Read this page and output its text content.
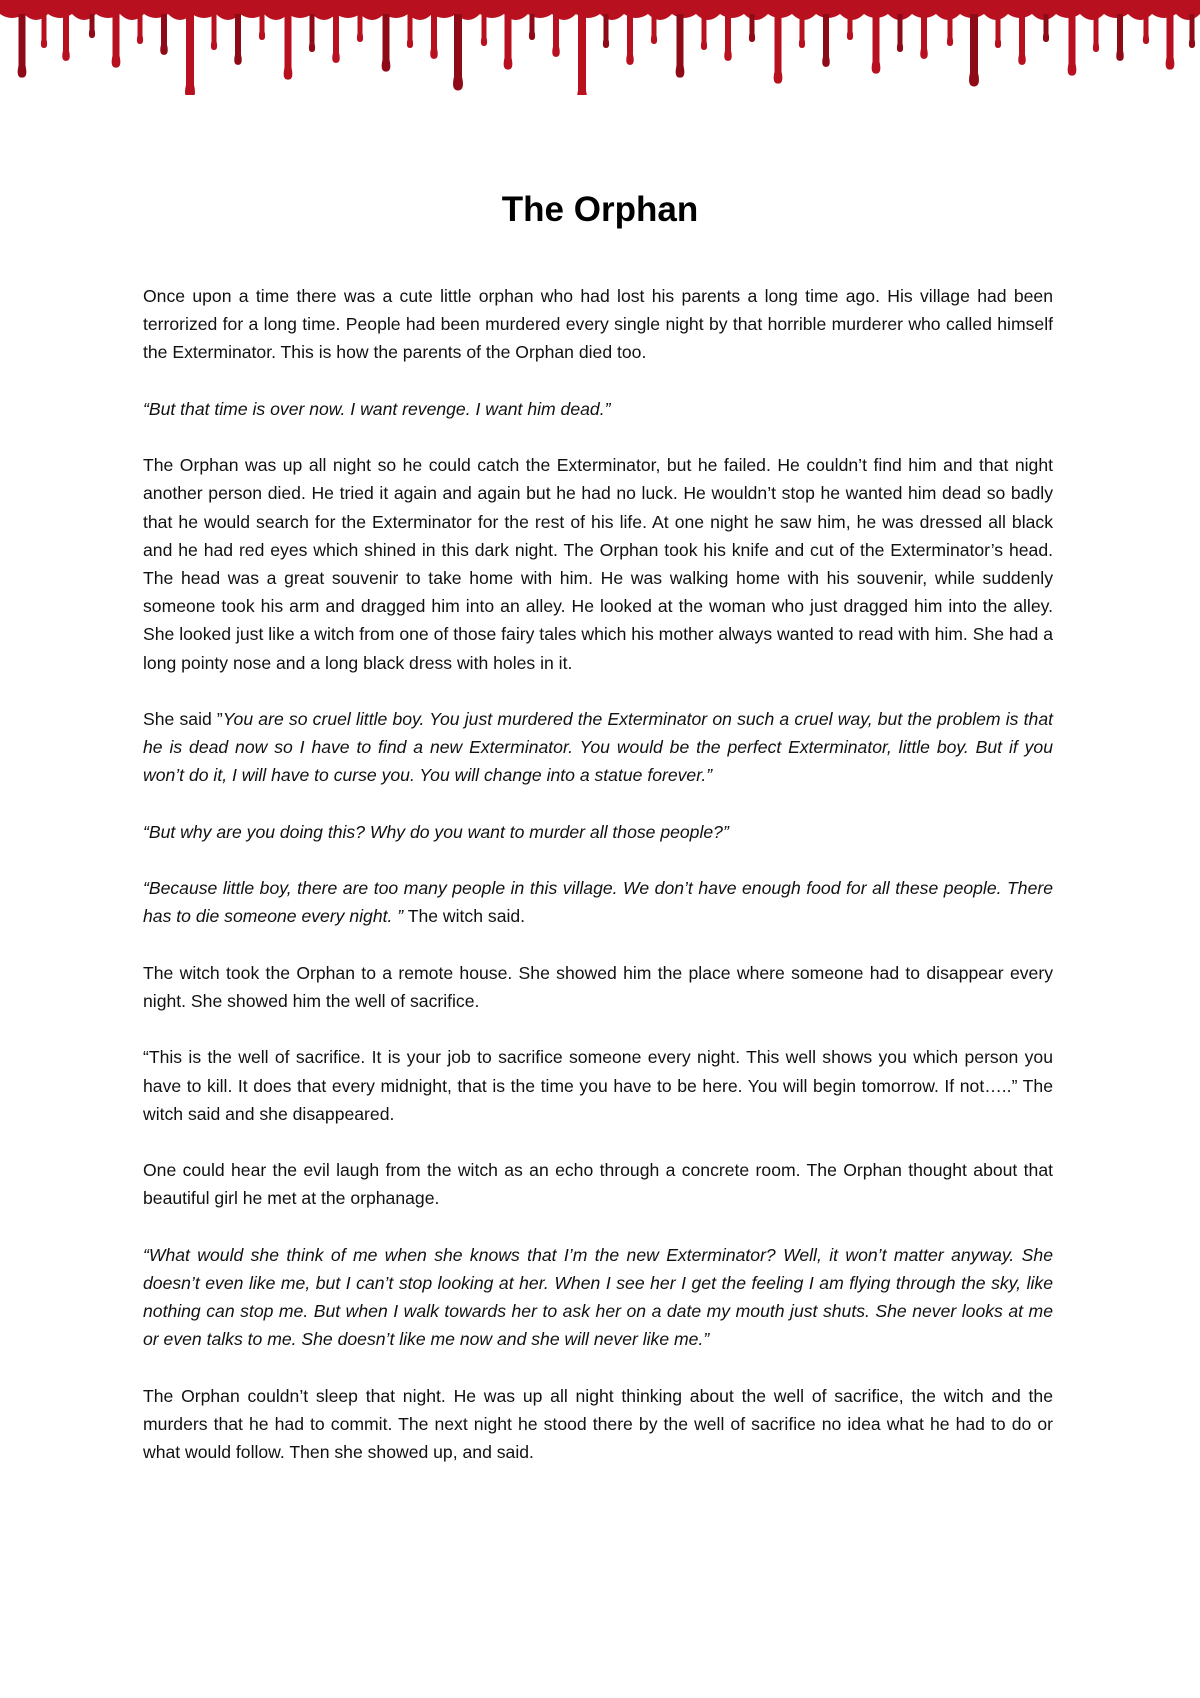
The Orphan

Once upon a time there was a cute little orphan who had lost his parents a long time ago. His village had been terrorized for a long time. People had been murdered every single night by that horrible murderer who called himself the Exterminator. This is how the parents of the Orphan died too.

“But that time is over now. I want revenge. I want him dead.”

The Orphan was up all night so he could catch the Exterminator, but he failed. He couldn’t find him and that night another person died. He tried it again and again but he had no luck. He wouldn’t stop he wanted him dead so badly that he would search for the Exterminator for the rest of his life. At one night he saw him, he was dressed all black and he had red eyes which shined in this dark night. The Orphan took his knife and cut of the Exterminator’s head. The head was a great souvenir to take home with him. He was walking home with his souvenir, while suddenly someone took his arm and dragged him into an alley. He looked at the woman who just dragged him into the alley. She looked just like a witch from one of those fairy tales which his mother always wanted to read with him. She had a long pointy nose and a long black dress with holes in it.

She said ”You are so cruel little boy. You just murdered the Exterminator on such a cruel way, but the problem is that he is dead now so I have to find a new Exterminator. You would be the perfect Exterminator, little boy. But if you won’t do it, I will have to curse you. You will change into a statue forever.”

“But why are you doing this? Why do you want to murder all those people?”

“Because little boy, there are too many people in this village. We don’t have enough food for all these people. There has to die someone every night. ” The witch said.

The witch took the Orphan to a remote house. She showed him the place where someone had to disappear every night. She showed him the well of sacrifice.

“This is the well of sacrifice. It is your job to sacrifice someone every night. This well shows you which person you have to kill. It does that every midnight, that is the time you have to be here. You will begin tomorrow. If not…..” The witch said and she disappeared.

One could hear the evil laugh from the witch as an echo through a concrete room. The Orphan thought about that beautiful girl he met at the orphanage.

“What would she think of me when she knows that I’m the new Exterminator? Well, it won’t matter anyway. She doesn’t even like me, but I can’t stop looking at her. When I see her I get the feeling I am flying through the sky, like nothing can stop me. But when I walk towards her to ask her on a date my mouth just shuts. She never looks at me or even talks to me. She doesn’t like me now and she will never like me.”

The Orphan couldn’t sleep that night. He was up all night thinking about the well of sacrifice, the witch and the murders that he had to commit. The next night he stood there by the well of sacrifice no idea what he had to do or what would follow. Then she showed up, and said.
